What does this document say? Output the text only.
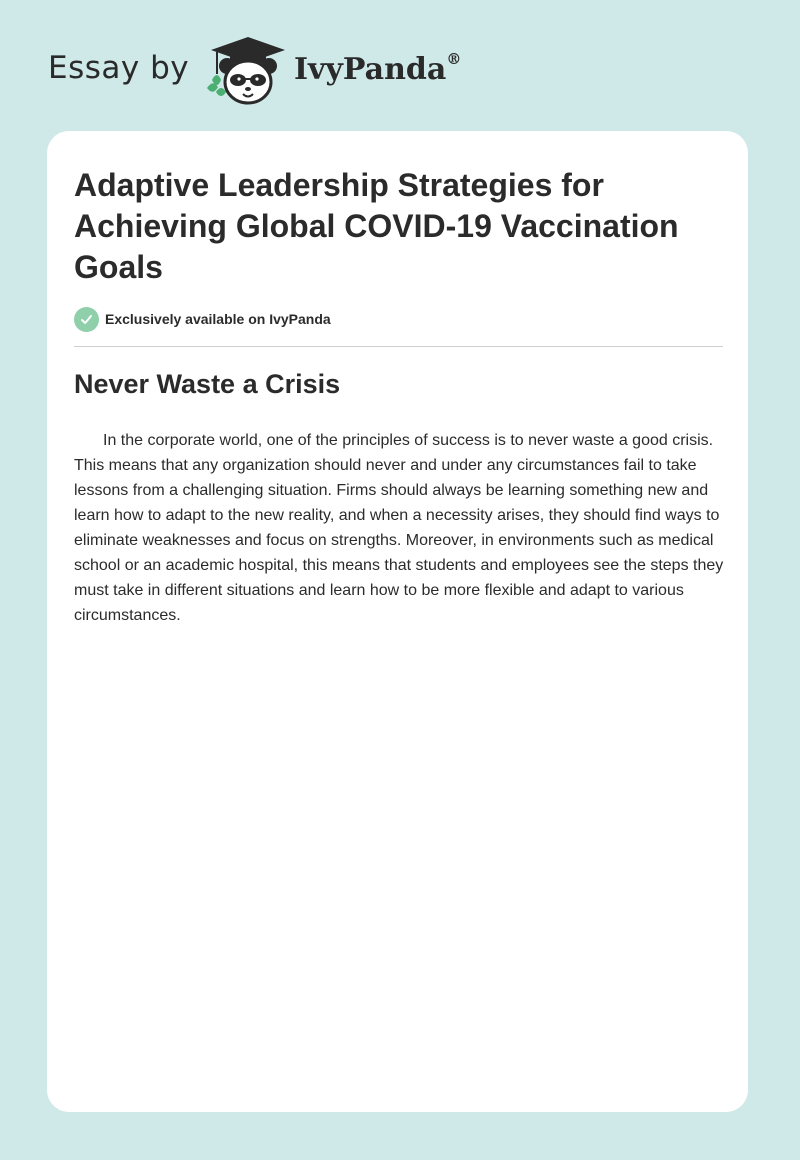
Essay by	IvyPanda®
Adaptive Leadership Strategies for Achieving Global COVID-19 Vaccination Goals
Exclusively available on IvyPanda
Never Waste a Crisis

In the corporate world, one of the principles of success is to never waste a good crisis. This means that any organization should never and under any circumstances fail to take lessons from a challenging situation. Firms should always be learning something new and learn how to adapt to the new reality, and when a necessity arises, they should find ways to eliminate weaknesses and focus on strengths. Moreover, in environments such as medical school or an academic hospital, this means that students and employees see the steps they must take in different situations and learn how to be more flexible and adapt to various circumstances.
